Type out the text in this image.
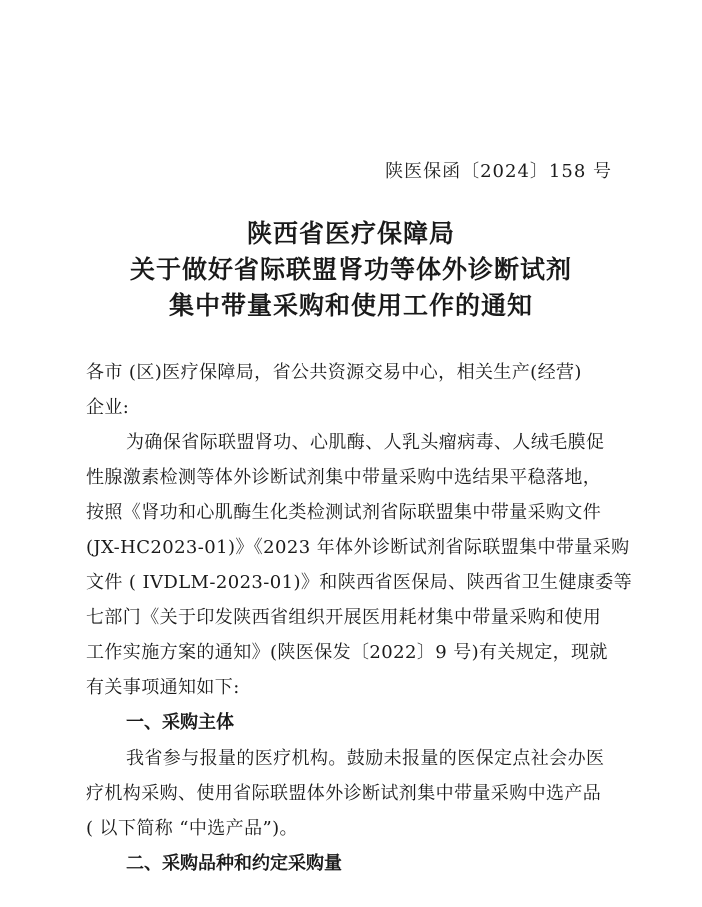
陕医保函〔2024〕158 号
陕西省医疗保障局
关于做好省际联盟肾功等体外诊断试剂
集中带量采购和使用工作的通知
各市 (区)医疗保障局，省公共资源交易中心，相关生产(经营)
企业:
为确保省际联盟肾功、心肌酶、人乳头瘤病毒、人绒毛膜促
性腺激素检测等体外诊断试剂集中带量采购中选结果平稳落地，
按照《肾功和心肌酶生化类检测试剂省际联盟集中带量采购文件
(JX-HC2023-01)》《2023 年体外诊断试剂省际联盟集中带量采购
文件 ( IVDLM-2023-01)》和陕西省医保局、陕西省卫生健康委等
七部门《关于印发陕西省组织开展医用耗材集中带量采购和使用
工作实施方案的通知》(陕医保发〔2022〕9 号)有关规定，现就
有关事项通知如下:
一、采购主体
我省参与报量的医疗机构。鼓励未报量的医保定点社会办医
疗机构采购、使用省际联盟体外诊断试剂集中带量采购中选产品
( 以下简称 “中选产品”)。
二、采购品种和约定采购量
